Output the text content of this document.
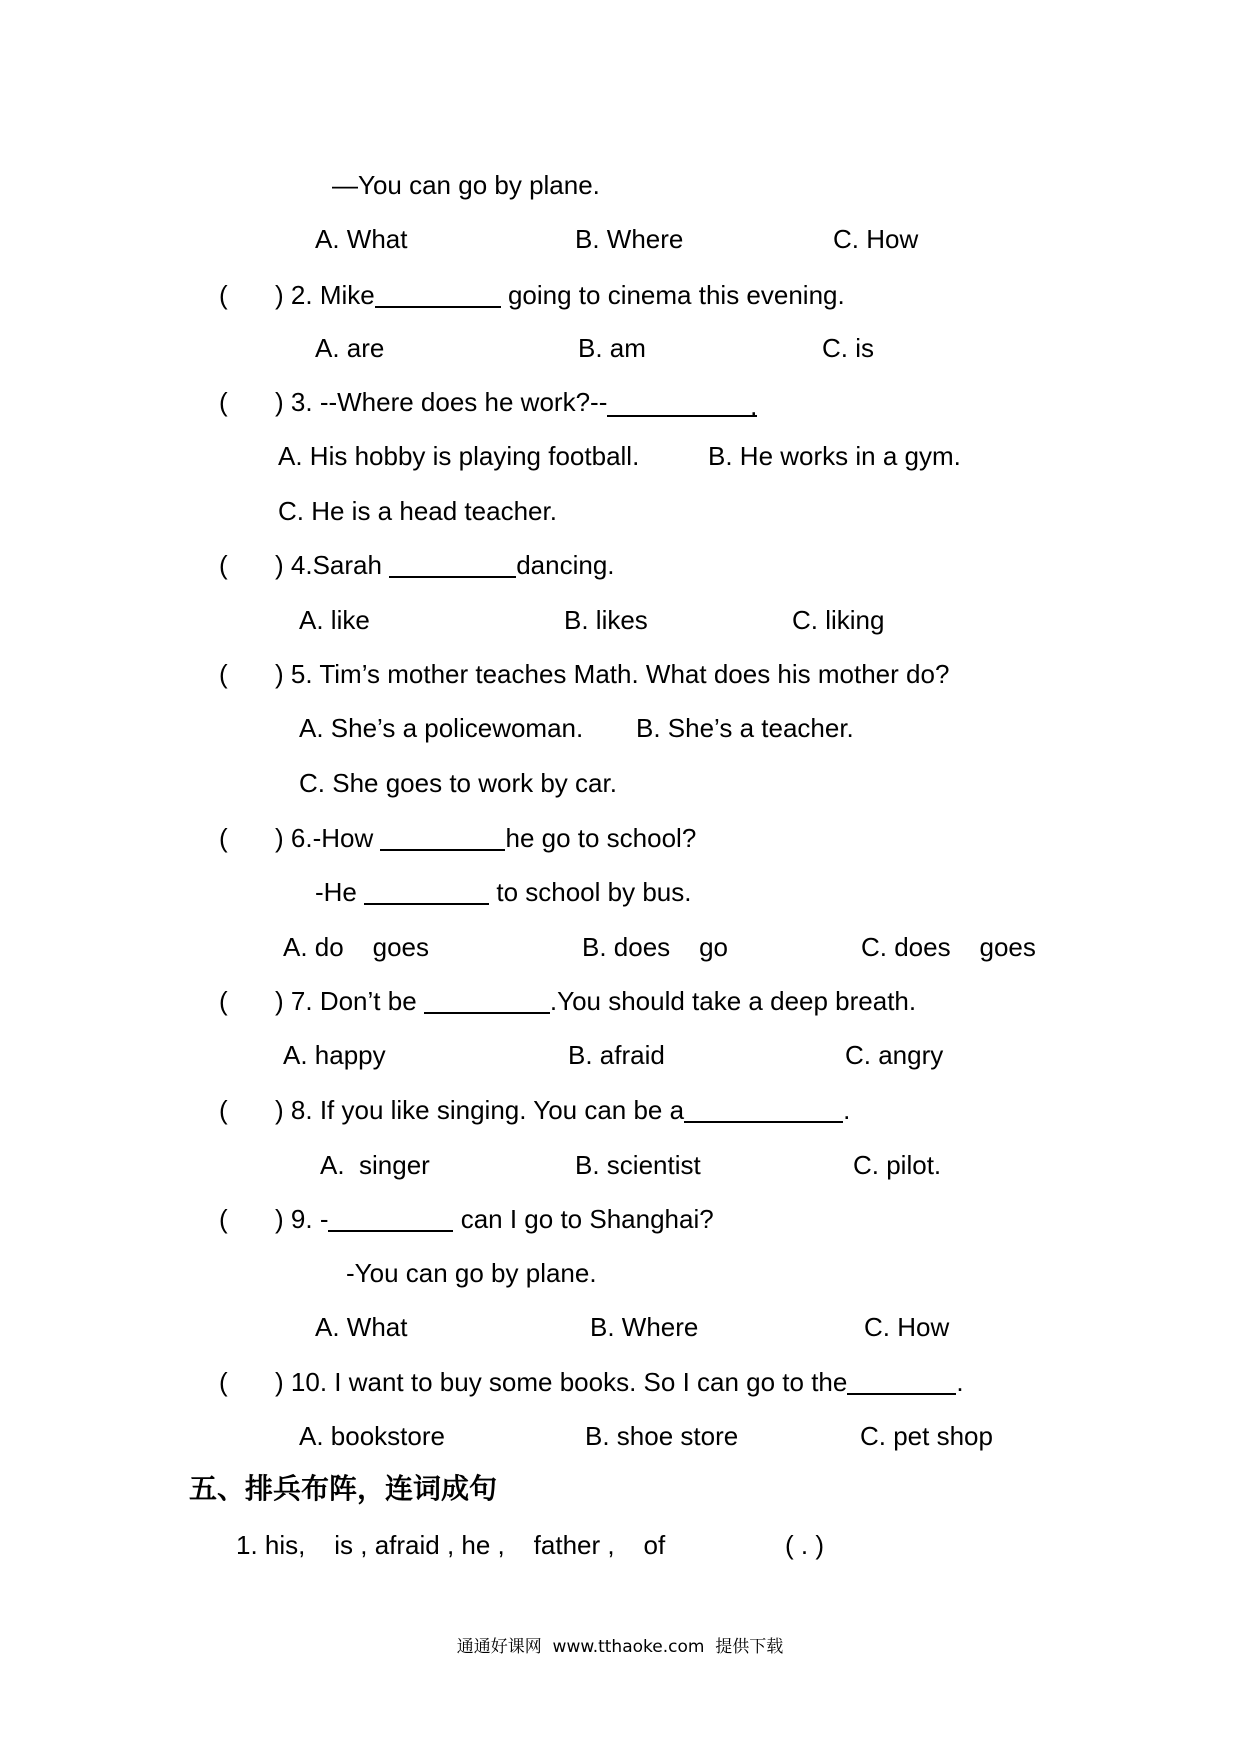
—You can go by plane.
A. What	B. Where	C. How
( ) 2. Mike	going to cinema this evening.
A. are	B. am	C. is
( ) 3. --Where does he work?--	.
A. His hobby is playing football.	B. He works in a gym.
C. He is a head teacher.
( ) 4.Sarah	dancing.
A. like	B. likes	C. liking
( ) 5. Tim’s mother teaches Math. What does his mother do?
A. She’s a policewoman. B. She’s a teacher.
C. She goes to work by car.
( ) 6.-How	he go to school?
-He	to school by bus.
A. do    goes	B. does    go	C. does    goes
( ) 7. Don’t be	.You should take a deep breath.
A. happy	B. afraid	C. angry
( ) 8. If you like singing. You can be a	.
A.  singer	B. scientist	C. pilot.
( ) 9. -	can I go to Shanghai?
-You can go by plane.
A. What	B. Where	C. How
( ) 10. I want to buy some books. So I can go to the	.
A. bookstore	B. shoe store	C. pet shop
五、排兵布阵，连词成句
1. his,    is , afraid , he ,    father ,    of	( . )
通通好课网  www.tthaoke.com  提供下载
